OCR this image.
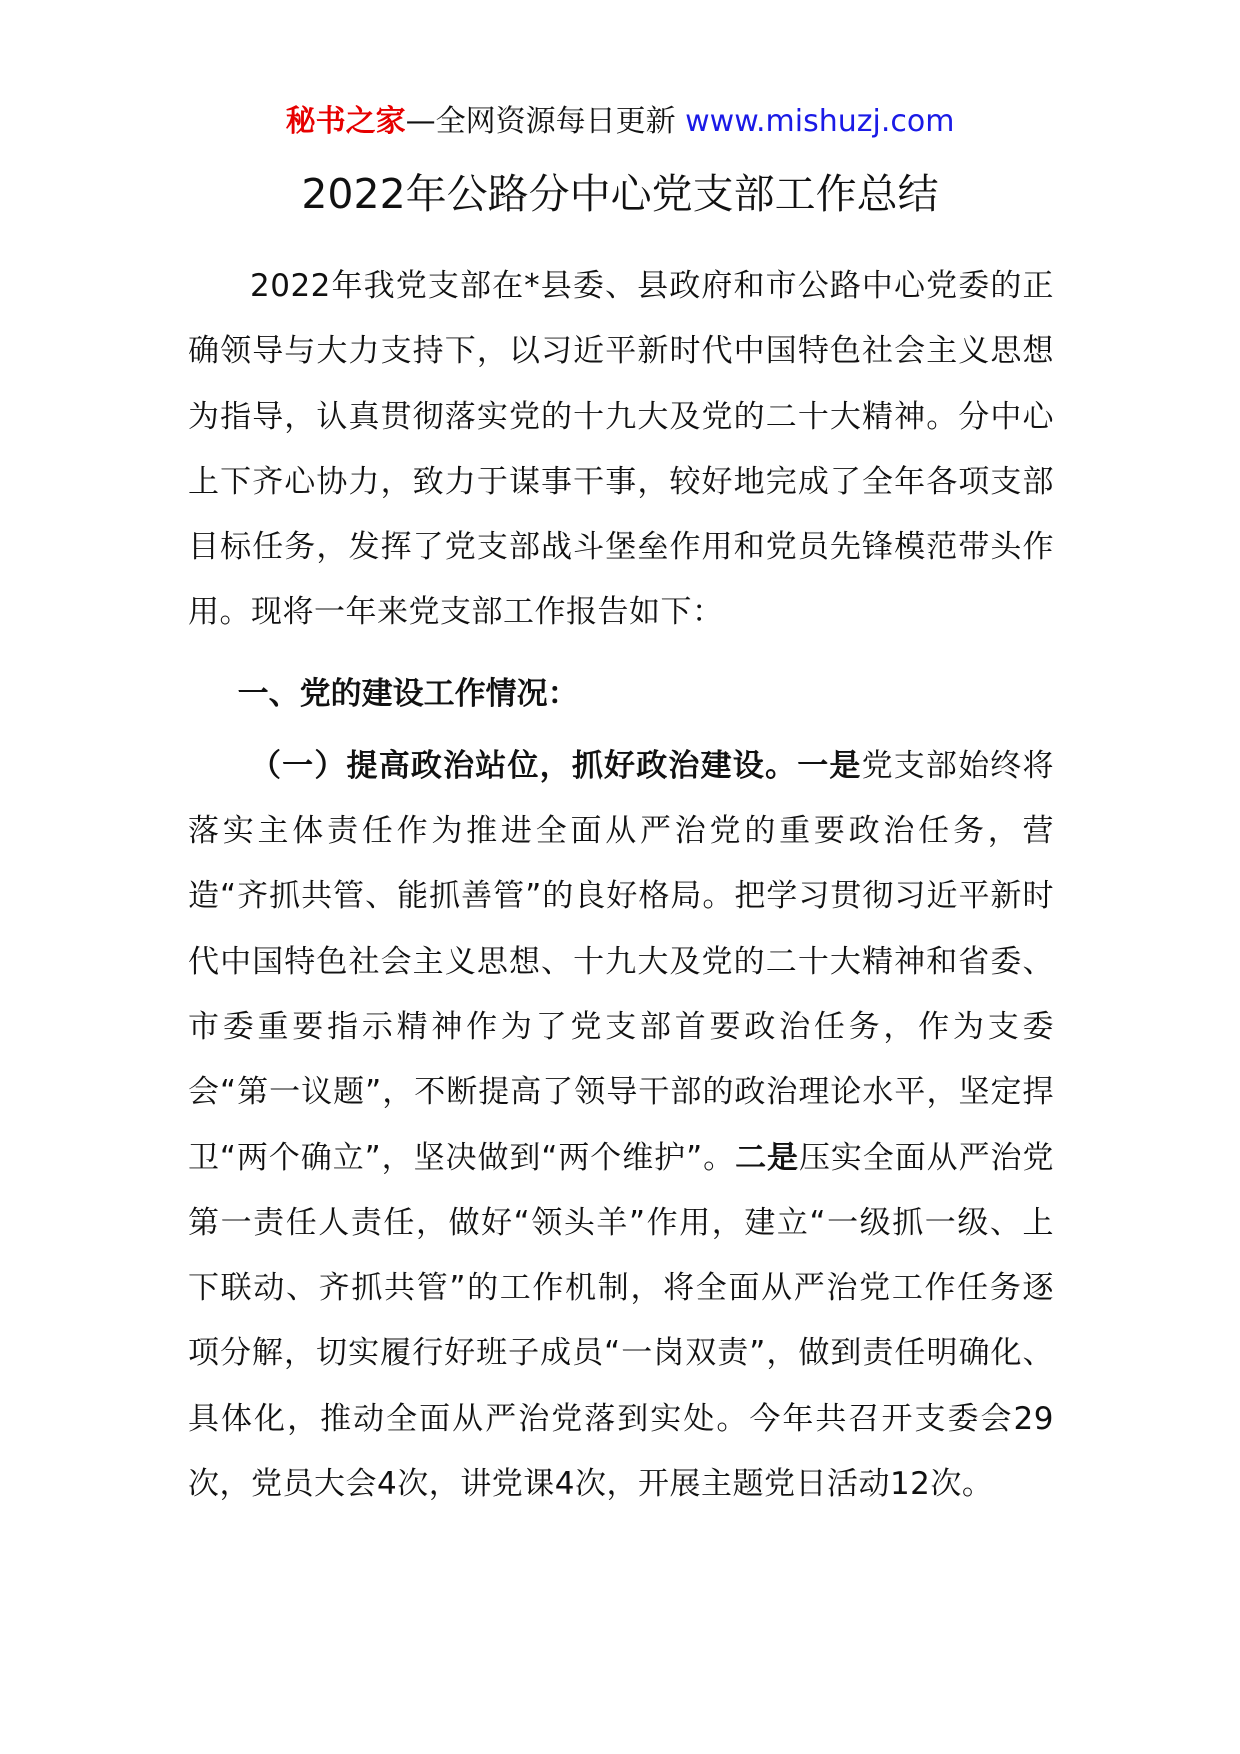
秘书之家—全网资源每日更新 www.mishuzj.com
2022年公路分中心党支部工作总结

2022年我党支部在*县委、县政府和市公路中心党委的正确领导与大力支持下，以习近平新时代中国特色社会主义思想为指导，认真贯彻落实党的十九大及党的二十大精神。分中心上下齐心协力，致力于谋事干事，较好地完成了全年各项支部目标任务，发挥了党支部战斗堡垒作用和党员先锋模范带头作用。现将一年来党支部工作报告如下：

一、党的建设工作情况：

（一）提高政治站位，抓好政治建设。一是党支部始终将落实主体责任作为推进全面从严治党的重要政治任务，营造“齐抓共管、能抓善管”的良好格局。把学习贯彻习近平新时代中国特色社会主义思想、十九大及党的二十大精神和省委、市委重要指示精神作为了党支部首要政治任务，作为支委会“第一议题”，不断提高了领导干部的政治理论水平，坚定捍卫“两个确立”，坚决做到“两个维护”。二是压实全面从严治党第一责任人责任，做好“领头羊”作用，建立“一级抓一级、上下联动、齐抓共管”的工作机制，将全面从严治党工作任务逐项分解，切实履行好班子成员“一岗双责”，做到责任明确化、具体化，推动全面从严治党落到实处。今年共召开支委会29次，党员大会4次，讲党课4次，开展主题党日活动12次。
